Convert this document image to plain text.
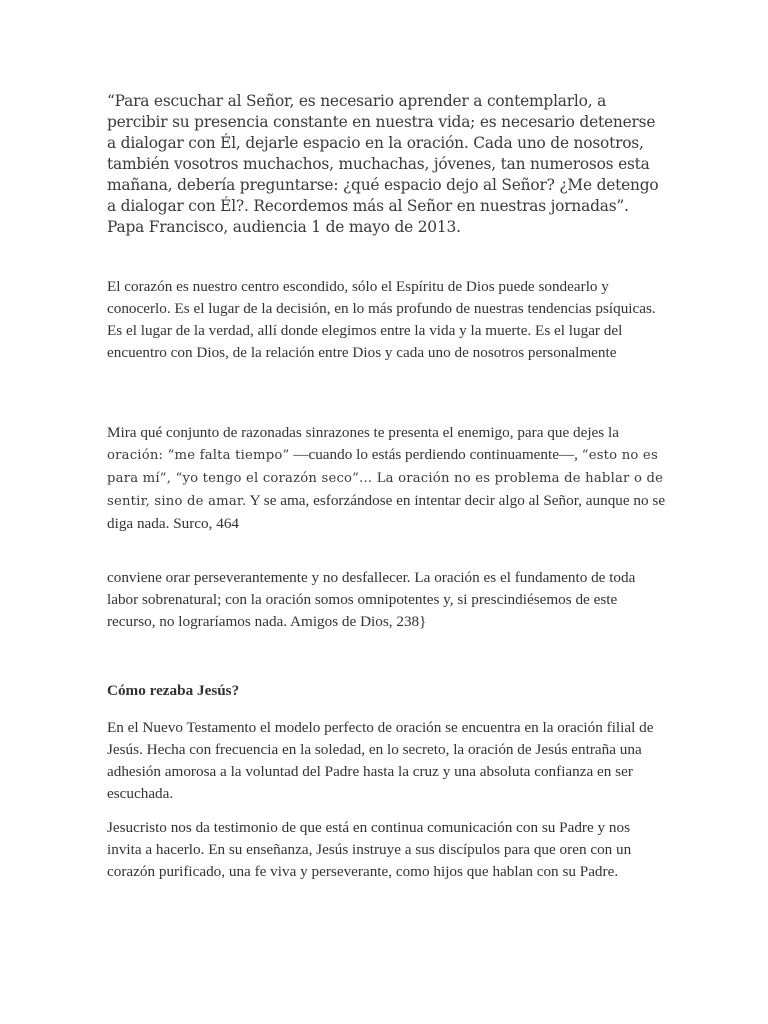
“Para escuchar al Señor, es necesario aprender a contemplarlo, a percibir su presencia constante en nuestra vida; es necesario detenerse a dialogar con Él, dejarle espacio en la oración. Cada uno de nosotros, también vosotros muchachos, muchachas, jóvenes, tan numerosos esta mañana, debería preguntarse: ¿qué espacio dejo al Señor? ¿Me detengo a dialogar con Él?. Recordemos más al Señor en nuestras jornadas”. Papa Francisco, audiencia 1 de mayo de 2013.

El corazón es nuestro centro escondido, sólo el Espíritu de Dios puede sondearlo y conocerlo. Es el lugar de la decisión, en lo más profundo de nuestras tendencias psíquicas. Es el lugar de la verdad, allí donde elegimos entre la vida y la muerte. Es el lugar del encuentro con Dios, de la relación entre Dios y cada uno de nosotros personalmente

Mira qué conjunto de razonadas sinrazones te presenta el enemigo, para que dejes la oración: “me falta tiempo” —cuando lo estás perdiendo continuamente—, “esto no es para mí”, “yo tengo el corazón seco”... La oración no es problema de hablar o de sentir, sino de amar. Y se ama, esforzándose en intentar decir algo al Señor, aunque no se diga nada. Surco, 464

conviene orar perseverantemente y no desfallecer. La oración es el fundamento de toda labor sobrenatural; con la oración somos omnipotentes y, si prescindiésemos de este recurso, no lograríamos nada. Amigos de Dios, 238}

Cómo rezaba Jesús?

En el Nuevo Testamento el modelo perfecto de oración se encuentra en la oración filial de Jesús. Hecha con frecuencia en la soledad, en lo secreto, la oración de Jesús entraña una adhesión amorosa a la voluntad del Padre hasta la cruz y una absoluta confianza en ser escuchada.

Jesucristo nos da testimonio de que está en continua comunicación con su Padre y nos invita a hacerlo. En su enseñanza, Jesús instruye a sus discípulos para que oren con un corazón purificado, una fe viva y perseverante, como hijos que hablan con su Padre.
